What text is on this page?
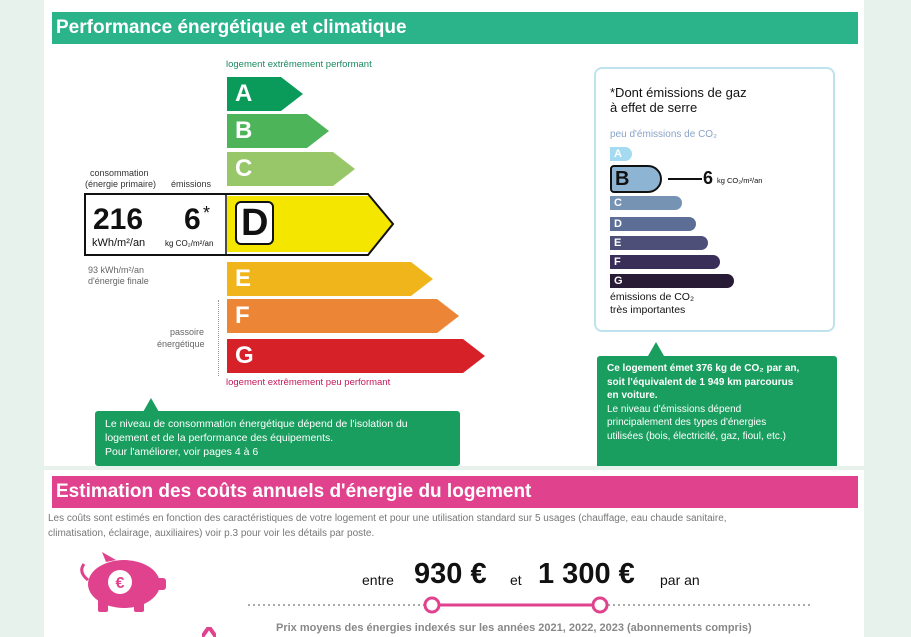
Performance énergétique et climatique
logement extrêmement performant
logement extrêmement peu performant
A
B
C
D
E
F
G
consommation
(énergie primaire) émissions
216
kWh/m²/an
6 *
kg CO₂/m²/an
93 kWh/m²/an
d'énergie finale
passoire
énergétique
Le niveau de consommation énergétique dépend de l'isolation du
logement et de la performance des équipements.
Pour l'améliorer, voir pages 4 à 6
*Dont émissions de gaz
à effet de serre
peu d'émissions de CO₂
A
B
C
D
E
F
G
émissions de CO₂
très importantes
6 kg CO₂/m²/an
Ce logement émet 376 kg de CO₂ par an,
soit l'équivalent de 1 949 km parcourus
en voiture.
Le niveau d'émissions dépend
principalement des types d'énergies
utilisées (bois, électricité, gaz, fioul, etc.)
Estimation des coûts annuels d'énergie du logement
Les coûts sont estimés en fonction des caractéristiques de votre logement et pour une utilisation standard sur 5 usages (chauffage, eau chaude sanitaire,
climatisation, éclairage, auxiliaires) voir p.3 pour voir les détails par poste.
€	entre 930 € et 1 300 € par an
Prix moyens des énergies indexés sur les années 2021, 2022, 2023 (abonnements compris)
